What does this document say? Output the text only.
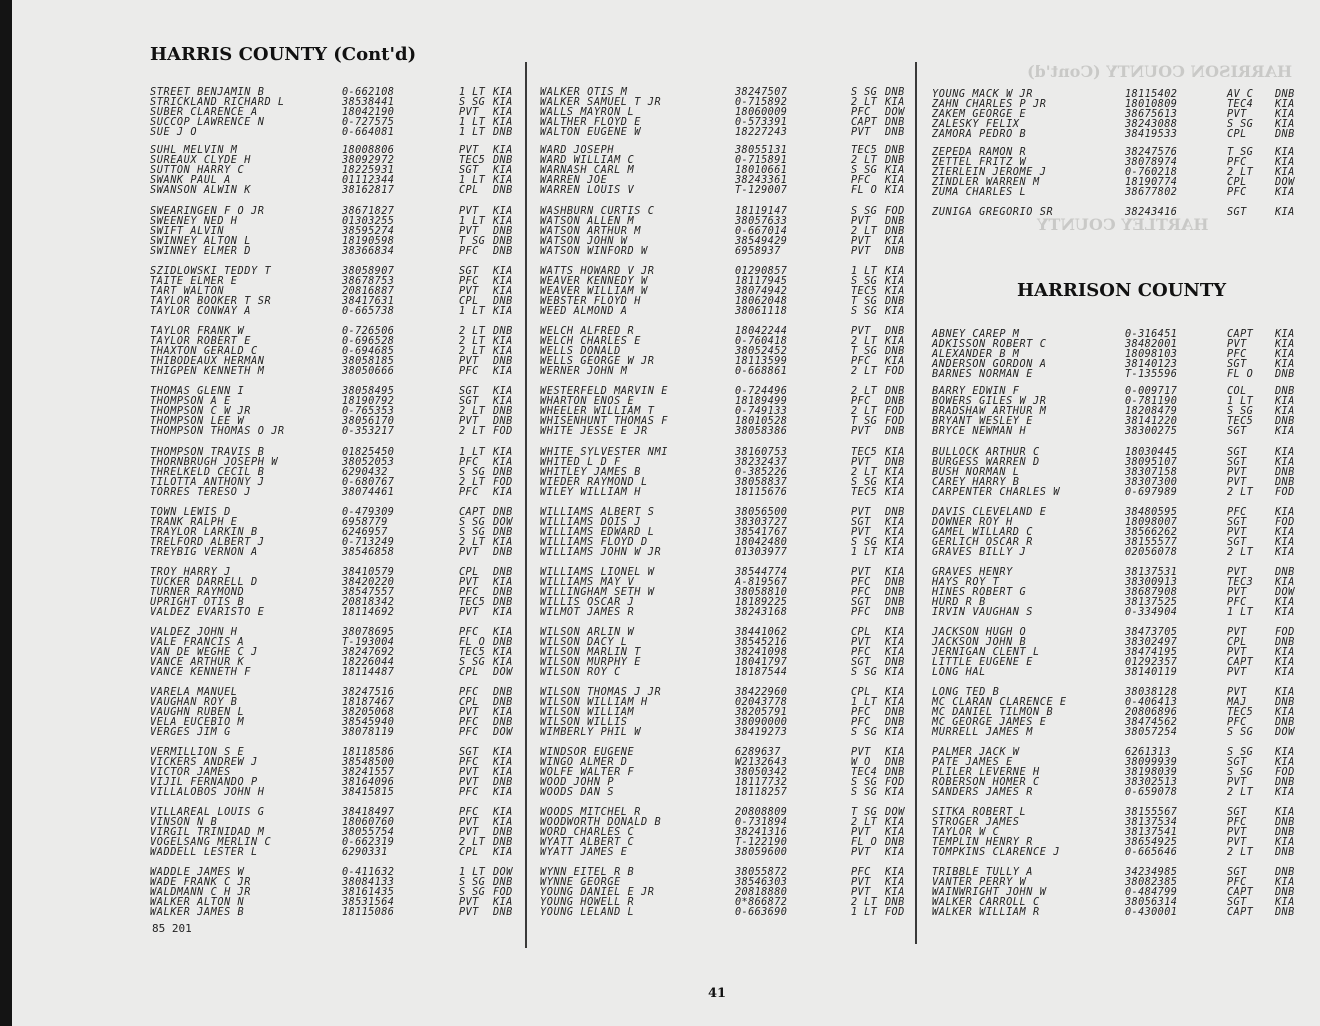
HARRISON COUNTY (Cont'd)
HARTLEY COUNTY
HARRIS COUNTY (Cont'd)
HARRISON COUNTY
STREET BENJAMIN B	0-662108	1 LT KIA
STRICKLAND RICHARD L	38538441	S SG KIA
SUBER CLARENCE A	18042190	PVT KIA
SUCCOP LAWRENCE N	0-727575	1 LT KIA
SUE J O	0-664081	1 LT DNB
SUHL MELVIN M	18008806	PVT KIA
SUREAUX CLYDE H	38092972	TEC5 DNB
SUTTON HARRY C	18225931	SGT KIA
SWANK PAUL A	01112344	1 LT KIA
SWANSON ALWIN K	38162817	CPL DNB
SWEARINGEN F O JR	38671827	PVT KIA
SWEENEY NED H	01303255	1 LT KIA
SWIFT ALVIN	38595274	PVT DNB
SWINNEY ALTON L	18190598	T SG DNB
SWINNEY ELMER D	38366834	PFC DNB
SZIDLOWSKI TEDDY T	38058907	SGT KIA
TAITE ELMER E	38678753	PFC KIA
TART WALTON	20816887	PVT KIA
TAYLOR BOOKER T SR	38417631	CPL DNB
TAYLOR CONWAY A	0-665738	1 LT KIA
TAYLOR FRANK W	0-726506	2 LT DNB
TAYLOR ROBERT E	0-696528	2 LT KIA
THAXTON GERALD C	0-694685	2 LT KIA
THIBODEAUX HERMAN	38058185	PVT DNB
THIGPEN KENNETH M	38050666	PFC KIA
THOMAS GLENN I	38058495	SGT KIA
THOMPSON A E	18190792	SGT KIA
THOMPSON C W JR	0-765353	2 LT DNB
THOMPSON LEE W	38056170	PVT DNB
THOMPSON THOMAS O JR	0-353217	2 LT FOD
THOMPSON TRAVIS B	01825450	1 LT KIA
THORNBRUGH JOSEPH W	38052053	PFC KIA
THRELKELD CECIL B	6290432	S SG DNB
TILOTTA ANTHONY J	0-680767	2 LT FOD
TORRES TERESO J	38074461	PFC KIA
TOWN LEWIS D	0-479309	CAPT DNB
TRANK RALPH E	6958779	S SG DOW
TRAYLOR LARKIN B	6246957	S SG DNB
TRELFORD ALBERT J	0-713249	2 LT KIA
TREYBIG VERNON A	38546858	PVT DNB
TROY HARRY J	38410579	CPL DNB
TUCKER DARRELL D	38420220	PVT KIA
TURNER RAYMOND	38547557	PFC DNB
UPRIGHT OTIS B	20818342	TEC5 DNB
VALDEZ EVARISTO E	18114692	PVT KIA
VALDEZ JOHN H	38078695	PFC KIA
VALE FRANCIS A	T-193004	FL O DNB
VAN DE WEGHE C J	38247692	TEC5 KIA
VANCE ARTHUR K	18226044	S SG KIA
VANCE KENNETH F	18114487	CPL DOW
VARELA MANUEL	38247516	PFC DNB
VAUGHAN ROY B	18187467	CPL DNB
VAUGHN RUBEN L	38205068	PVT KIA
VELA EUCEBIO M	38545940	PFC DNB
VERGES JIM G	38078119	PFC DOW
VERMILLION S E	18118586	SGT KIA
VICKERS ANDREW J	38548500	PFC KIA
VICTOR JAMES	38241557	PVT KIA
VIJIL FERNANDO P	38164096	PVT DNB
VILLALOBOS JOHN H	38415815	PFC KIA
VILLAREAL LOUIS G	38418497	PFC KIA
VINSON N B	18060760	PVT KIA
VIRGIL TRINIDAD M	38055754	PVT DNB
VOGELSANG MERLIN C	0-662319	2 LT DNB
WADDELL LESTER L	6290331	CPL KIA
WADDLE JAMES W	0-411632	1 LT DOW
WADE FRANK C JR	38084133	S SG DNB
WALDMANN C H JR	38161435	S SG FOD
WALKER ALTON N	38531564	PVT KIA
WALKER JAMES B	18115086	PVT DNB
WALKER OTIS M	38247507	S SG DNB
WALKER SAMUEL T JR	0-715892	2 LT KIA
WALLS MAYRON L	18060009	PFC DOW
WALTHER FLOYD E	0-573391	CAPT DNB
WALTON EUGENE W	18227243	PVT DNB
WARD JOSEPH	38055131	TEC5 DNB
WARD WILLIAM C	0-715891	2 LT DNB
WARNASH CARL M	18010661	S SG KIA
WARREN JOE	38243361	PFC KIA
WARREN LOUIS V	T-129007	FL O KIA
WASHBURN CURTIS C	18119147	S SG FOD
WATSON ALLEN M	38057633	PVT DNB
WATSON ARTHUR M	0-667014	2 LT DNB
WATSON JOHN W	38549429	PVT KIA
WATSON WINFORD W	6958937	PVT DNB
WATTS HOWARD V JR	01290857	1 LT KIA
WEAVER KENNEDY W	18117945	S SG KIA
WEAVER WILLIAM W	38074942	TEC5 KIA
WEBSTER FLOYD H	18062048	T SG DNB
WEED ALMOND A	38061118	S SG KIA
WELCH ALFRED R	18042244	PVT DNB
WELCH CHARLES E	0-760418	2 LT KIA
WELLS DONALD	38052452	T SG DNB
WELLS GEORGE W JR	18113599	PFC KIA
WERNER JOHN M	0-668861	2 LT FOD
WESTERFELD MARVIN E	0-724496	2 LT DNB
WHARTON ENOS E	18189499	PFC DNB
WHEELER WILLIAM T	0-749133	2 LT FOD
WHISENHUNT THOMAS F	18010528	T SG FOD
WHITE JESSE E JR	38058386	PVT DNB
WHITE SYLVESTER NMI	38160753	TEC5 KIA
WHITED L D F	38232437	PVT DNB
WHITLEY JAMES B	0-385226	2 LT KIA
WIEDER RAYMOND L	38058837	S SG KIA
WILEY WILLIAM H	18115676	TEC5 KIA
WILLIAMS ALBERT S	38056500	PVT DNB
WILLIAMS DOIS J	38303727	SGT KIA
WILLIAMS EDWARD L	38541767	PVT KIA
WILLIAMS FLOYD D	18042480	S SG KIA
WILLIAMS JOHN W JR	01303977	1 LT KIA
WILLIAMS LIONEL W	38544774	PVT KIA
WILLIAMS MAY V	A-819567	PFC DNB
WILLINGHAM SETH W	38058810	PFC DNB
WILLIS OSCAR J	18189225	SGT DNB
WILMOT JAMES R	38243168	PFC DNB
WILSON ARLIN W	38441062	CPL KIA
WILSON DACY L	38545216	PVT KIA
WILSON MARLIN T	38241098	PFC KIA
WILSON MURPHY E	18041797	SGT DNB
WILSON ROY C	18187544	S SG KIA
WILSON THOMAS J JR	38422960	CPL KIA
WILSON WILLIAM H	02043778	1 LT KIA
WILSON WILLIAM	38205791	PFC DNB
WILSON WILLIS	38090000	PFC DNB
WIMBERLY PHIL W	38419273	S SG KIA
WINDSOR EUGENE	6289637	PVT KIA
WINGO ALMER D	W2132643	W O DNB
WOLFE WALTER F	38050342	TEC4 DNB
WOOD JOHN P	18117732	S SG FOD
WOODS DAN S	18118257	S SG KIA
WOODS MITCHEL R	20808809	T SG DOW
WOODWORTH DONALD B	0-731894	2 LT KIA
WORD CHARLES C	38241316	PVT KIA
WYATT ALBERT C	T-122190	FL O DNB
WYATT JAMES E	38059600	PVT KIA
WYNN EITEL R B	38055872	PFC KIA
WYNNE GEORGE	38546303	PVT KIA
YOUNG DANIEL E JR	20818880	PVT KIA
YOUNG HOWELL R	0*866872	2 LT DNB
YOUNG LELAND L	0-663690	1 LT FOD
YOUNG MACK W JR	18115402	AV C DNB
ZAHN CHARLES P JR	18010809	TEC4 KIA
ZAKEM GEORGE E	38675613	PVT	KIA
ZALESKY FELIX	38243088	S SG KIA
ZAMORA PEDRO B	38419533	CPL	DNB
ZEPEDA RAMON R	38247576	T SG KIA
ZETTEL FRITZ W	38078974	PFC	KIA
ZIERLEIN JEROME J	0-760218	2 LT KIA
ZINDLER WARREN M	18190774	CPL	DOW
ZUMA CHARLES L	38677802	PFC	KIA
ZUNIGA GREGORIO SR	38243416	SGT	KIA
ABNEY CAREP M	0-316451	CAPT KIA
ADKISSON ROBERT C	38482001	PVT	KIA
ALEXANDER B M	18098103	PFC	KIA
ANDERSON GORDON A	38140123	SGT	KIA
BARNES NORMAN E	T-135596	FL O DNB
BARRY EDWIN F	0-009717	COL	DNB
BOWERS GILES W JR	0-781190	1 LT KIA
BRADSHAW ARTHUR M	18208479	S SG KIA
BRYANT WESLEY E	38141220	TEC5 DNB
BRYCE NEWMAN H	38300275	SGT	KIA
BULLOCK ARTHUR C	18030445	SGT	KIA
BURGESS WARREN D	38095107	SGT	KIA
BUSH NORMAN L	38307158	PVT	DNB
CAREY HARRY B	38307300	PVT	DNB
CARPENTER CHARLES W	0-697989	2 LT FOD
DAVIS CLEVELAND E	38480595	PFC	KIA
DOWNER ROY H	18098007	SGT	FOD
GAMEL WILLARD C	38566262	PVT	KIA
GERLICH OSCAR R	38155577	SGT	KIA
GRAVES BILLY J	02056078	2 LT KIA
GRAVES HENRY	38137531	PVT	DNB
HAYS ROY T	38300913	TEC3 KIA
HINES ROBERT G	38687908	PVT	DOW
HURD R B	38137525	PFC	KIA
IRVIN VAUGHAN S	0-334904	1 LT KIA
JACKSON HUGH O	38473705	PVT	FOD
JACKSON JOHN B	38302497	CPL	DNB
JERNIGAN CLENT L	38474195	PVT	KIA
LITTLE EUGENE E	01292357	CAPT KIA
LONG HAL	38140119	PVT	KIA
LONG TED B	38038128	PVT	KIA
MC CLARAN CLARENCE E	0-406413	MAJ	DNB
MC DANIEL TILMON B	20806896	TEC5 KIA
MC GEORGE JAMES E	38474562	PFC	DNB
MURRELL JAMES M	38057254	S SG DOW
PALMER JACK W	6261313	S SG KIA
PATE JAMES E	38099939	SGT	KIA
PLILER LEVERNE H	38198039	S SG FOD
ROBERSON HOMER C	38302513	PVT	DNB
SANDERS JAMES R	0-659078	2 LT KIA
SITKA ROBERT L	38155567	SGT	KIA
STROGER JAMES	38137534	PFC	DNB
TAYLOR W C	38137541	PVT	DNB
TEMPLIN HENRY R	38654925	PVT	KIA
TOMPKINS CLARENCE J	0-665646	2 LT DNB
TRIBBLE TULLY A	34234985	SGT	DNB
VANTER PERRY W	38082385	PFC	KIA
WAINWRIGHT JOHN W	0-484799	CAPT DNB
WALKER CARROLL C	38056314	SGT	KIA
WALKER WILLIAM R	0-430001	CAPT DNB
85 201
41
